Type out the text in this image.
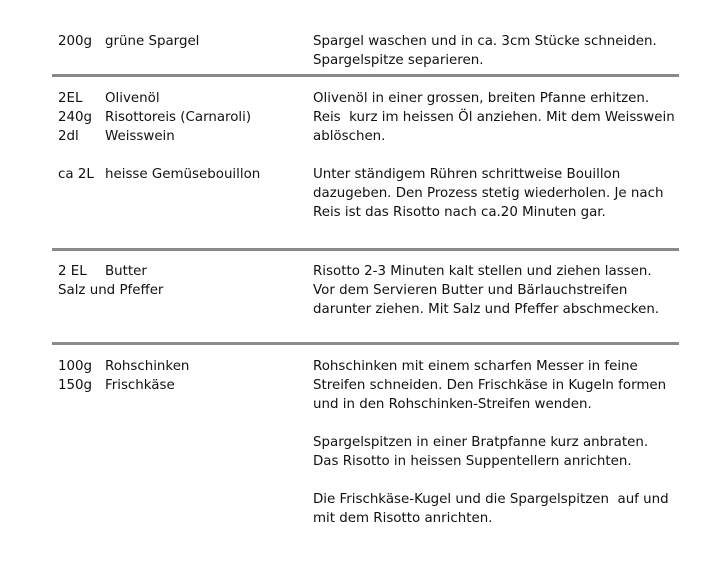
200g grüne Spargel	Spargel waschen und in ca. 3cm Stücke schneiden.
Spargelspitze separieren.
2EL Olivenöl
240g Risottoreis (Carnaroli)
2dl Weisswein
ca 2L heisse Gemüsebouillon
Olivenöl in einer grossen, breiten Pfanne erhitzen.
Reis  kurz im heissen Öl anziehen. Mit dem Weisswein
ablöschen.
Unter ständigem Rühren schrittweise Bouillon
dazugeben. Den Prozess stetig wiederholen. Je nach
Reis ist das Risotto nach ca.20 Minuten gar.
2 EL Butter
Salz und Pfeffer
Risotto 2-3 Minuten kalt stellen und ziehen lassen.
Vor dem Servieren Butter und Bärlauchstreifen
darunter ziehen. Mit Salz und Pfeffer abschmecken.
100g Rohschinken
150g Frischkäse
Rohschinken mit einem scharfen Messer in feine
Streifen schneiden. Den Frischkäse in Kugeln formen
und in den Rohschinken-Streifen wenden.
Spargelspitzen in einer Bratpfanne kurz anbraten.
Das Risotto in heissen Suppentellern anrichten.
Die Frischkäse-Kugel und die Spargelspitzen  auf und
mit dem Risotto anrichten.
